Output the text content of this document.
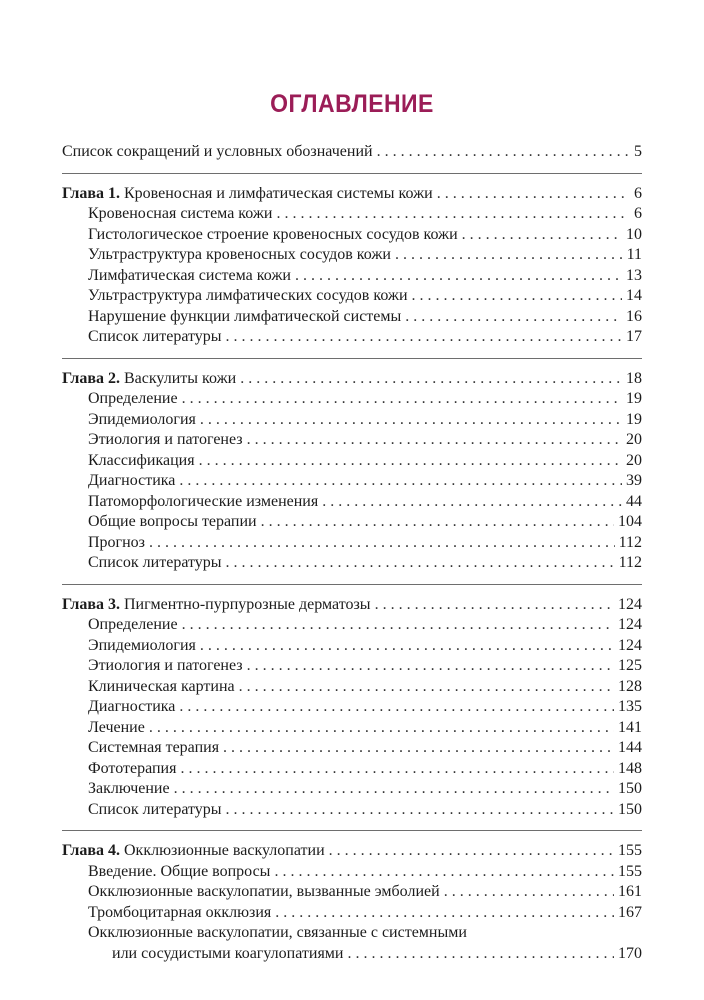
ОГЛАВЛЕНИЕ
Список сокращений и условных обозначений . . .	5
Глава 1. Кровеносная и лимфатическая системы кожи . . .	6
Кровеносная система кожи . . .	6
Гистологическое строение кровеносных сосудов кожи . . .	10
Ультраструктура кровеносных сосудов кожи . . .	11
Лимфатическая система кожи . . .	13
Ультраструктура лимфатических сосудов кожи . . .	14
Нарушение функции лимфатической системы . . .	16
Список литературы . . .	17
Глава 2. Васкулиты кожи . . .	18
Определение . . .	19
Эпидемиология . . .	19
Этиология и патогенез . . .	20
Классификация . . .	20
Диагностика . . .	39
Патоморфологические изменения . . .	44
Общие вопросы терапии . . .	104
Прогноз . . .	112
Список литературы . . .	112
Глава 3. Пигментно-пурпурозные дерматозы . . .	124
Определение . . .	124
Эпидемиология . . .	124
Этиология и патогенез . . .	125
Клиническая картина . . .	128
Диагностика . . .	135
Лечение . . .	141
Системная терапия . . .	144
Фототерапия . . .	148
Заключение . . .	150
Список литературы . . .	150
Глава 4. Окклюзионные васкулопатии . . .	155
Введение. Общие вопросы . . .	155
Окклюзионные васкулопатии, вызванные эмболией . . .	161
Тромбоцитарная окклюзия . . .	167
Окклюзионные васкулопатии, связанные с системными
или сосудистыми коагулопатиями . . .	170
